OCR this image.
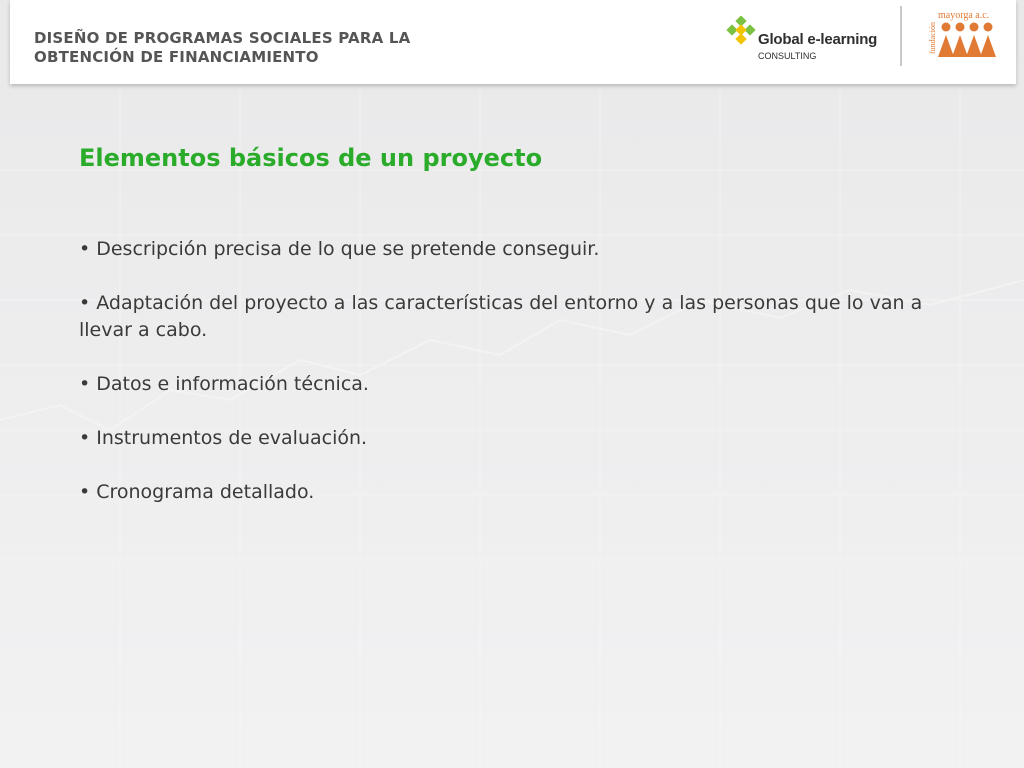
DISEÑO DE PROGRAMAS SOCIALES PARA LA
OBTENCIÓN DE FINANCIAMIENTO
Global e-learning
CONSULTING
fundación
mayorga a.c.
Elementos básicos de un proyecto
• Descripción precisa de lo que se pretende conseguir.
• Adaptación del proyecto a las características del entorno y a las personas que lo van a llevar a cabo.
• Datos e información técnica.
• Instrumentos de evaluación.
• Cronograma detallado.
